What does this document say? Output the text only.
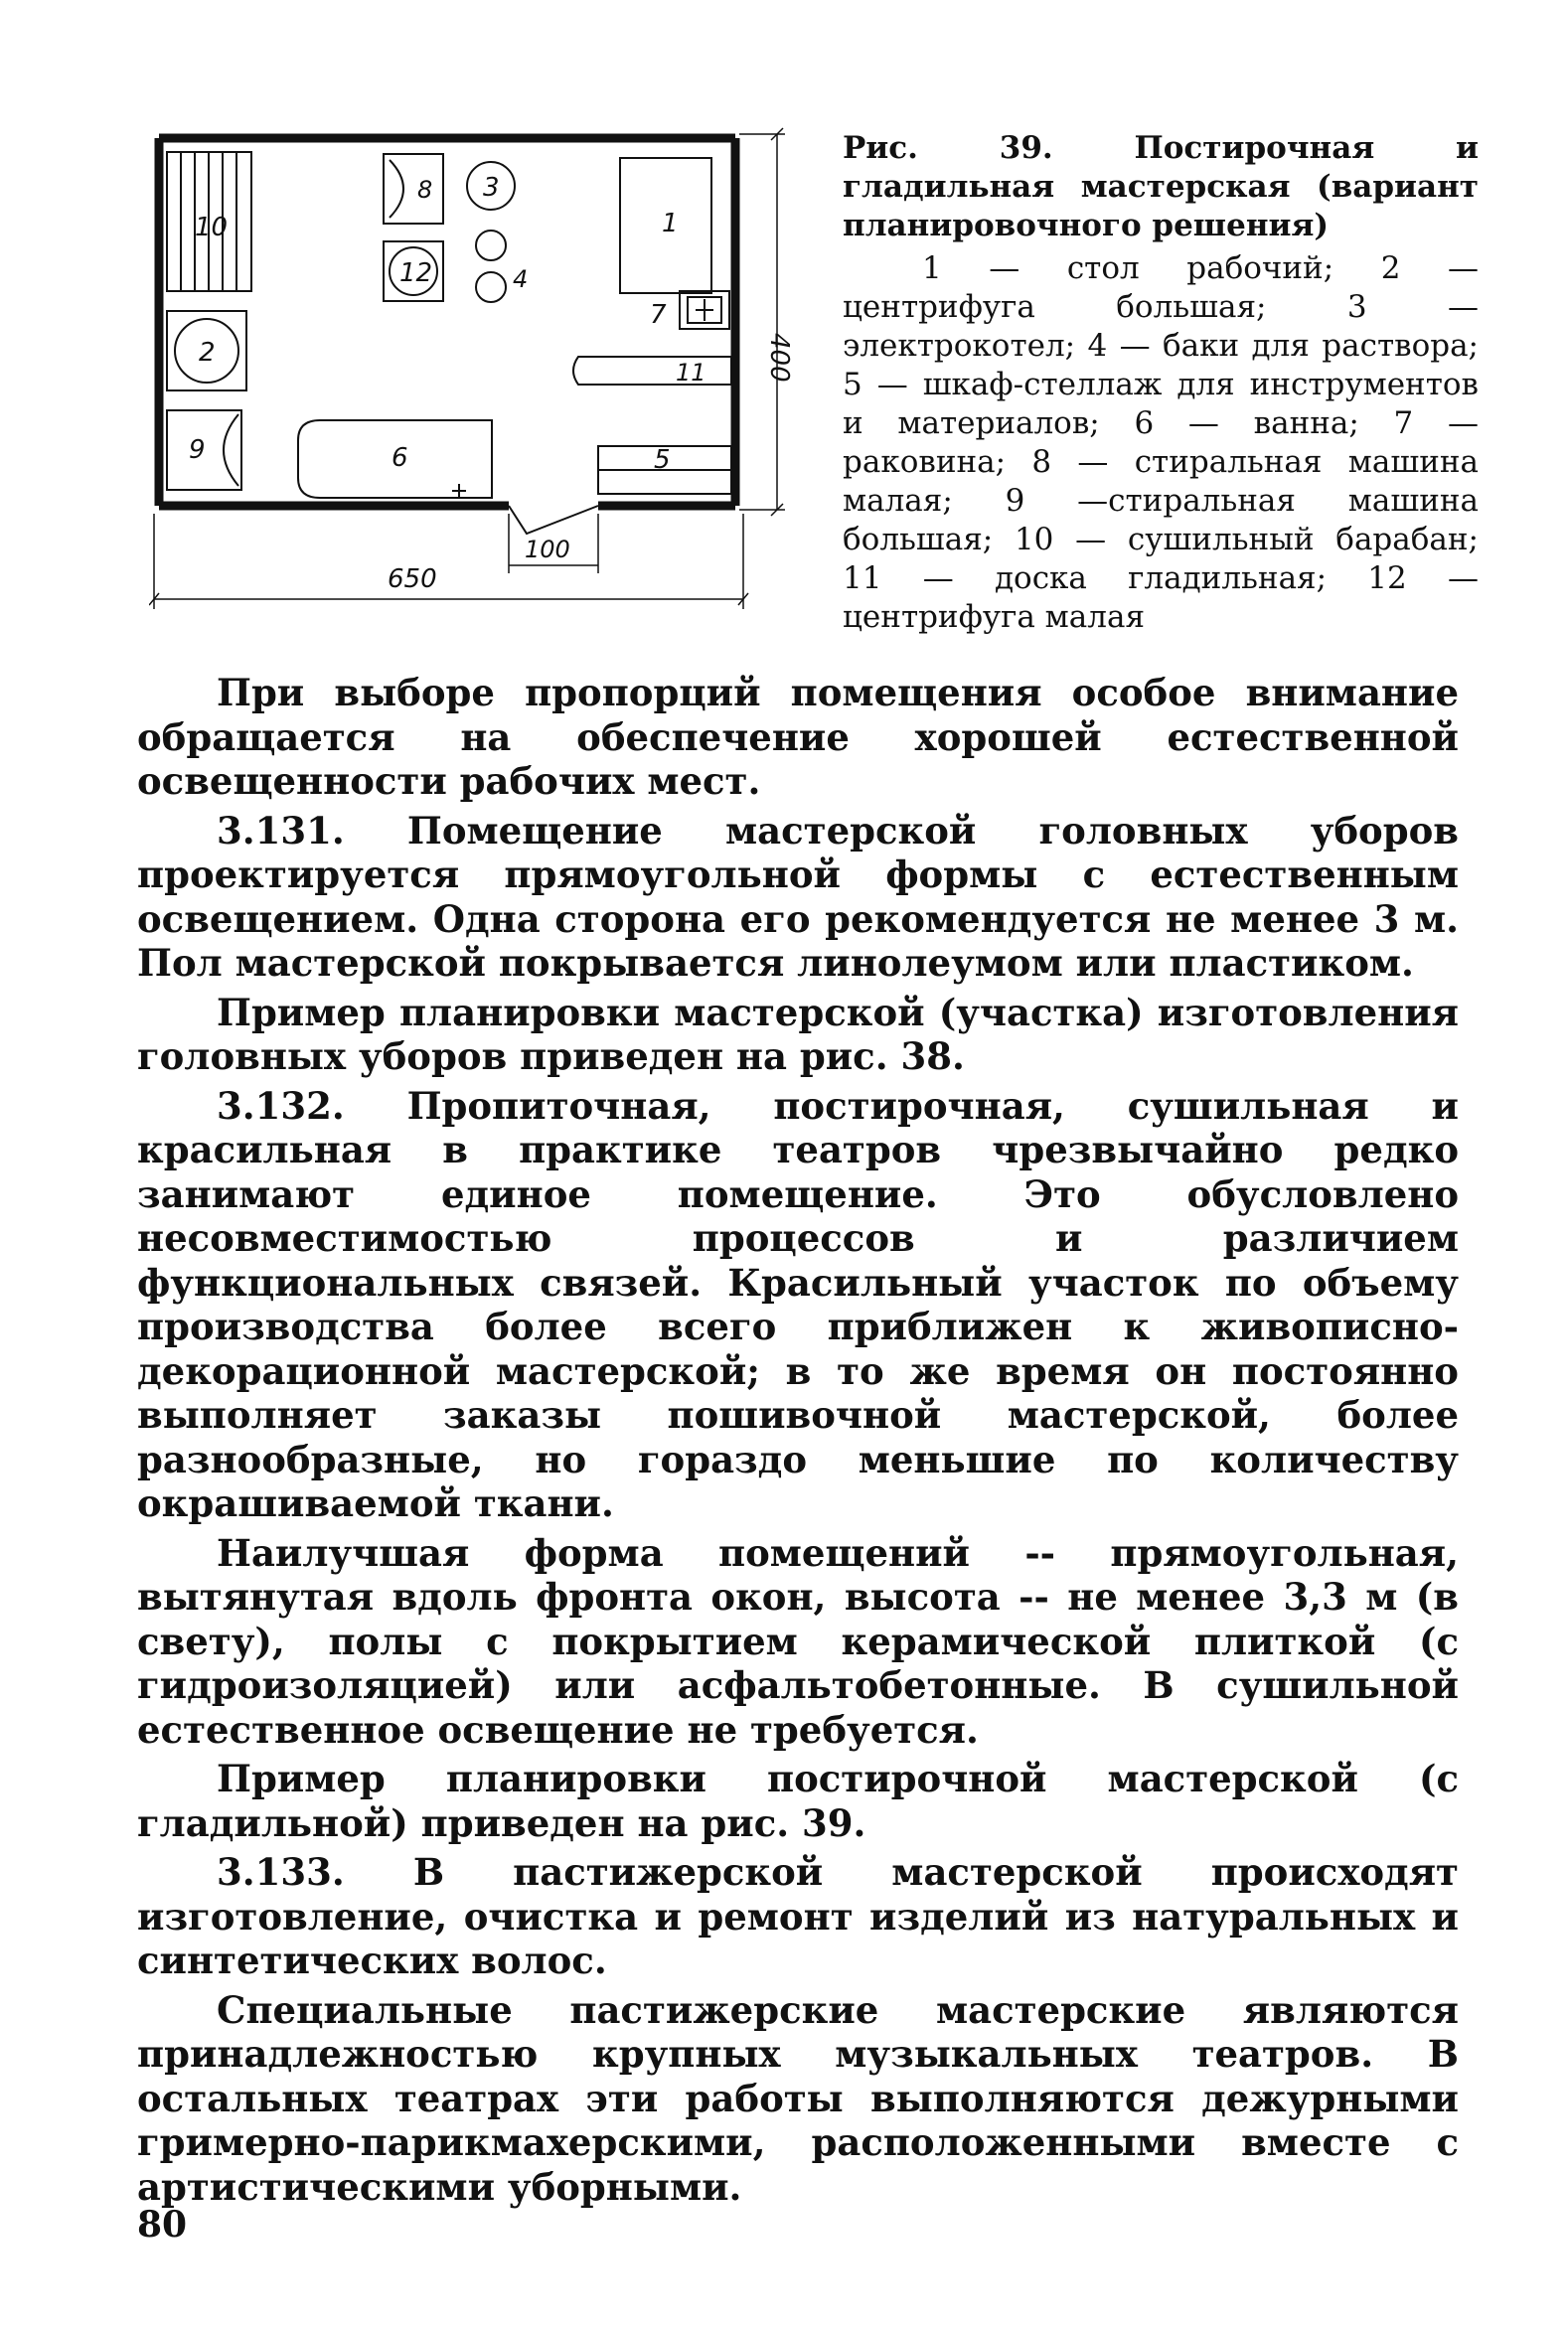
10
2
9
8
12
3
4
1
7
11
5
6
650
100
400
Рис. 39. Постирочная и гладильная мастерская (вариант планировочного решения)
1 — стол рабочий; 2 — центрифуга большая; 3 — электрокотел; 4 — баки для раствора; 5 — шкаф-стеллаж для инструментов и материалов; 6 — ванна; 7 — раковина; 8 — стиральная машина малая; 9 —стиральная машина большая; 10 — сушильный барабан; 11 — доска гладильная; 12 — центрифуга малая

При выборе пропорций помещения особое внимание обращается на обеспечение хорошей естественной освещенности рабочих мест.

3.131. Помещение мастерской головных уборов проектируется прямоугольной формы с естественным освещением. Одна сторона его рекомендуется не менее 3 м. Пол мастерской покрывается линолеумом или пластиком.

Пример планировки мастерской (участка) изготовления головных уборов приведен на рис. 38.

3.132. Пропиточная, постирочная, сушильная и красильная в практике театров чрезвычайно редко занимают единое помещение. Это обусловлено несовместимостью процессов и различием функциональных связей. Красильный участок по объему производства более всего приближен к живописно-декорационной мастерской; в то же время он постоянно выполняет заказы пошивочной мастерской, более разнообразные, но гораздо меньшие по количеству окрашиваемой ткани.

Наилучшая форма помещений -- прямоугольная, вытянутая вдоль фронта окон, высота -- не менее 3,3 м (в свету), полы с покрытием керамической плиткой (с гидроизоляцией) или асфальтобетонные. В сушильной естественное освещение не требуется.

Пример планировки постирочной мастерской (с гладильной) приведен на рис. 39.

3.133. В пастижерской мастерской происходят изготовление, очистка и ремонт изделий из натуральных и синтетических волос.

Специальные пастижерские мастерские являются принадлежностью крупных музыкальных театров. В остальных театрах эти работы выполняются дежурными гримерно-парикмахерскими, расположенными вместе с артистическими уборными.

80
